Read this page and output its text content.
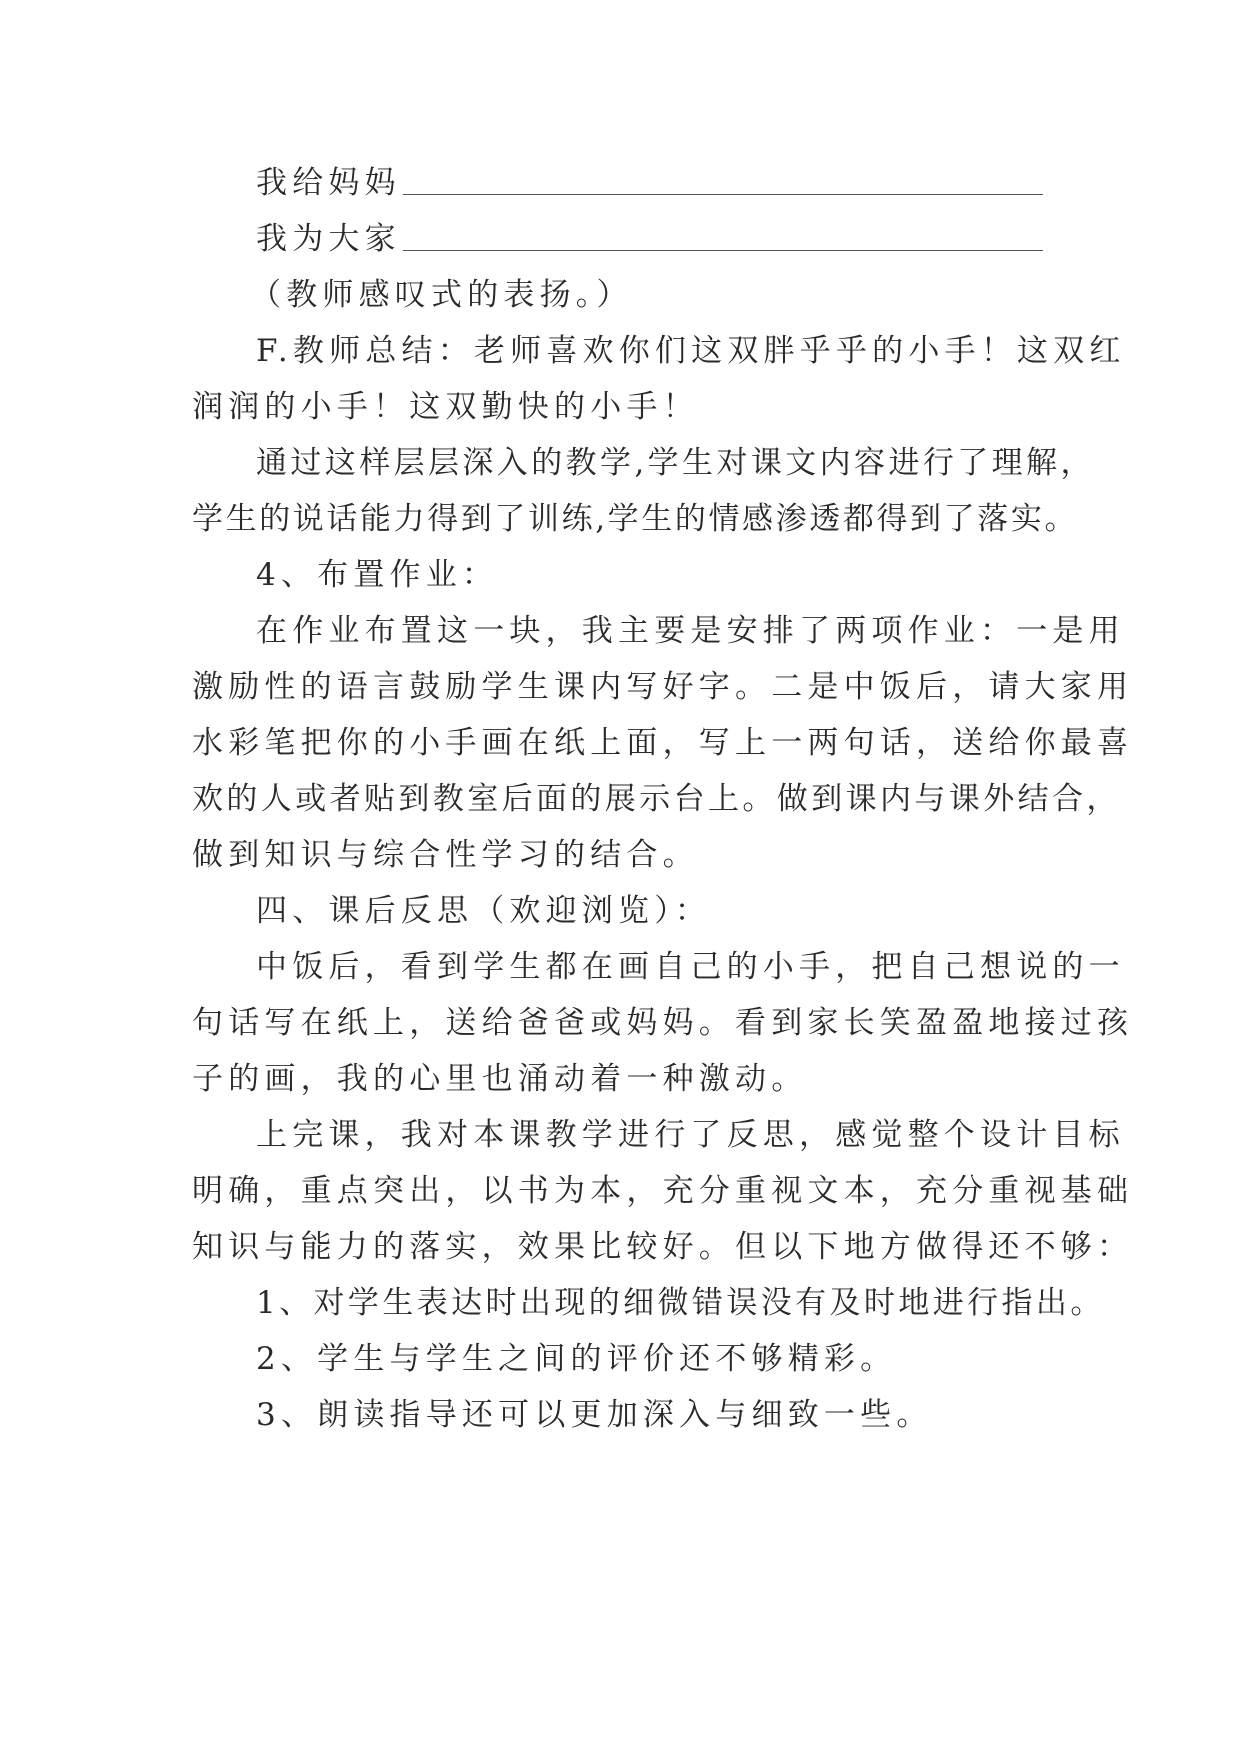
我给妈妈
我为大家
（教师感叹式的表扬。）
F.教师总结：老师喜欢你们这双胖乎乎的小手！这双红
润润的小手！这双勤快的小手！
通过这样层层深入的教学,学生对课文内容进行了理解，
学生的说话能力得到了训练,学生的情感渗透都得到了落实。
4、布置作业：
在作业布置这一块，我主要是安排了两项作业：一是用
激励性的语言鼓励学生课内写好字。二是中饭后，请大家用
水彩笔把你的小手画在纸上面，写上一两句话，送给你最喜
欢的人或者贴到教室后面的展示台上。做到课内与课外结合，
做到知识与综合性学习的结合。
四、课后反思（欢迎浏览）：
中饭后，看到学生都在画自己的小手，把自己想说的一
句话写在纸上，送给爸爸或妈妈。看到家长笑盈盈地接过孩
子的画，我的心里也涌动着一种激动。
上完课，我对本课教学进行了反思，感觉整个设计目标
明确，重点突出，以书为本，充分重视文本，充分重视基础
知识与能力的落实，效果比较好。但以下地方做得还不够：
1、对学生表达时出现的细微错误没有及时地进行指出。
2、学生与学生之间的评价还不够精彩。
3、朗读指导还可以更加深入与细致一些。
